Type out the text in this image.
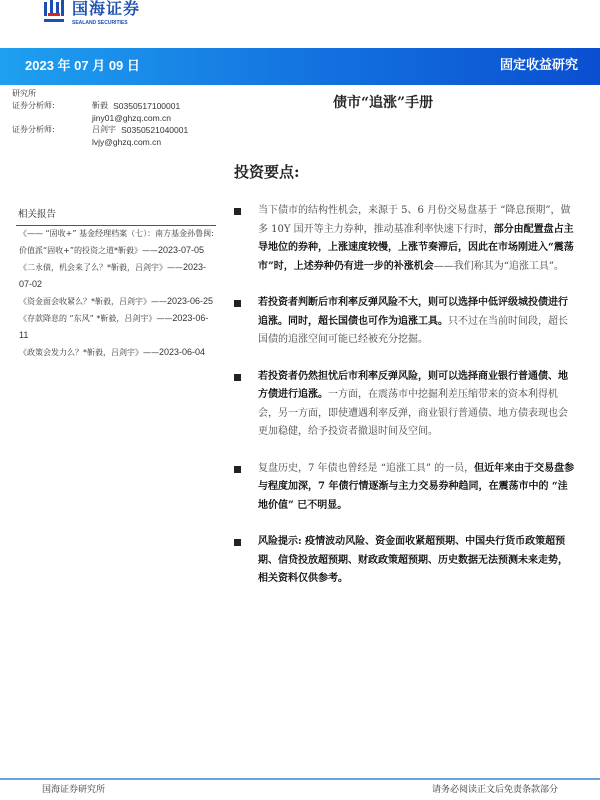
国海证券
SEALAND SECURITIES
2023 年 07 月 09 日	固定收益研究
研究所
证券分析师:	靳毅
S0350517100001
jiny01@ghzq.com.cn
证券分析师:	吕剑宇
S0350521040001
lvjy@ghzq.com.cn
债市“追涨”手册
投资要点:
相关报告
《—— “固收+” 基金经理档案（七）：南方基金孙鲁闽: 价值派“固收+”的投资之道*靳毅》——2023-07-05
《二永债，机会来了么？*靳毅，吕剑宇》——2023-07-02
《资金面会收紧么？*靳毅，吕剑宇》——2023-06-25
《存款降息的 “东风” *靳毅，吕剑宇》——2023-06-11
《政策会发力么？*靳毅，吕剑宇》——2023-06-04
当下债市的结构性机会，来源于 5、6 月份交易盘基于 “降息预期”，做多 10Y 国开等主力券种，推动基准利率快速下行时，部分由配置盘占主导地位的券种，上涨速度较慢，上涨节奏滞后，因此在市场刚进入“震荡市”时，上述券种仍有进一步的补涨机会——我们称其为“追涨工具”。
若投资者判断后市利率反弹风险不大，则可以选择中低评级城投债进行追涨。同时，超长国债也可作为追涨工具。只不过在当前时间段，超长国债的追涨空间可能已经被充分挖掘。
若投资者仍然担忧后市利率反弹风险，则可以选择商业银行普通债、地方债进行追涨。一方面，在震荡市中挖掘利差压缩带来的资本利得机会，另一方面，即使遭遇利率反弹，商业银行普通债、地方债表现也会更加稳健，给予投资者撤退时间及空间。
复盘历史，7 年债也曾经是 “追涨工具” 的一员，但近年来由于交易盘参与程度加深，7 年债行情逐渐与主力交易券种趋同，在震荡市中的 “洼地价值” 已不明显。
风险提示: 疫情波动风险、资金面收紧超预期、中国央行货币政策超预期、信贷投放超预期、财政政策超预期、历史数据无法预测未来走势，相关资料仅供参考。
国海证券研究所	请务必阅读正文后免责条款部分
